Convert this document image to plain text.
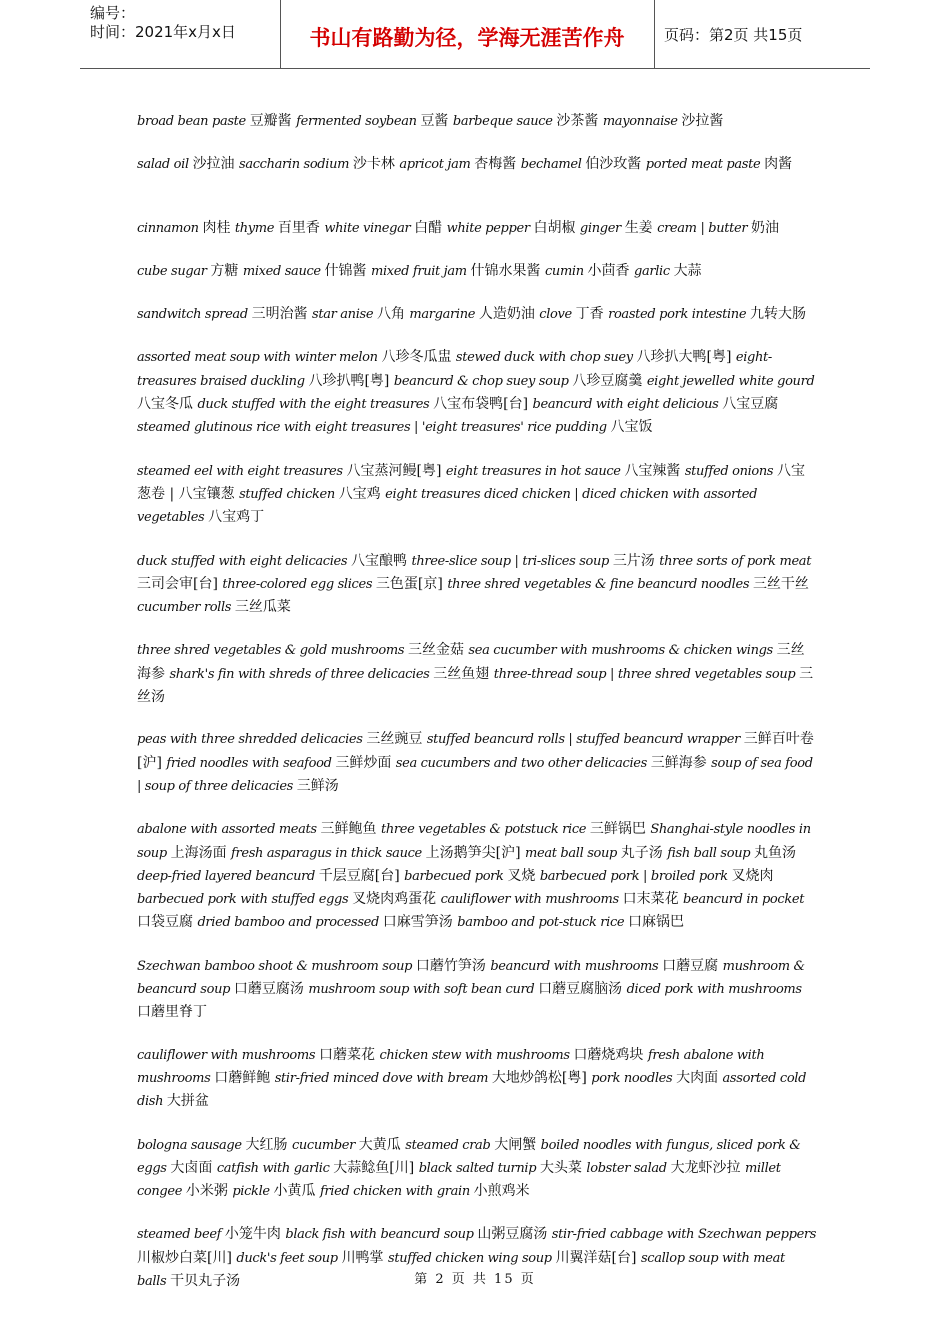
编号：
时间：2021年x月x日	书山有路勤为径，学海无涯苦作舟	页码：第2页 共15页

broad bean paste 豆瓣酱 fermented soybean 豆酱 barbeque sauce 沙茶酱 mayonnaise 沙拉酱

salad oil 沙拉油 saccharin sodium 沙卡林 apricot jam 杏梅酱 bechamel 伯沙玫酱 ported meat paste 肉酱

cinnamon 肉桂 thyme 百里香 white vinegar 白醋 white pepper 白胡椒 ginger 生姜 cream | butter 奶油

cube sugar 方糖 mixed sauce 什锦酱 mixed fruit jam 什锦水果酱 cumin 小茴香 garlic 大蒜

sandwitch spread 三明治酱 star anise 八角 margarine 人造奶油 clove 丁香 roasted pork intestine 九转大肠

assorted meat soup with winter melon 八珍冬瓜盅 stewed duck with chop suey 八珍扒大鸭[粤] eight-treasures braised duckling 八珍扒鸭[粤] beancurd & chop suey soup 八珍豆腐羹 eight jewelled white gourd 八宝冬瓜 duck stuffed with the eight treasures 八宝布袋鸭[台] beancurd with eight delicious 八宝豆腐 steamed glutinous rice with eight treasures | 'eight treasures' rice pudding 八宝饭

steamed eel with eight treasures 八宝蒸河鳗[粤] eight treasures in hot sauce 八宝辣酱 stuffed onions 八宝葱卷 | 八宝镶葱 stuffed chicken 八宝鸡 eight treasures diced chicken | diced chicken with assorted vegetables 八宝鸡丁

duck stuffed with eight delicacies 八宝酿鸭 three-slice soup | tri-slices soup 三片汤 three sorts of pork meat 三司会审[台] three-colored egg slices 三色蛋[京] three shred vegetables & fine beancurd noodles 三丝干丝 cucumber rolls 三丝瓜菜

three shred vegetables & gold mushrooms 三丝金菇 sea cucumber with mushrooms & chicken wings 三丝海参 shark's fin with shreds of three delicacies 三丝鱼翅 three-thread soup | three shred vegetables soup 三丝汤

peas with three shredded delicacies 三丝豌豆 stuffed beancurd rolls | stuffed beancurd wrapper 三鲜百叶卷[沪] fried noodles with seafood 三鲜炒面 sea cucumbers and two other delicacies 三鲜海参 soup of sea food | soup of three delicacies 三鲜汤

abalone with assorted meats 三鲜鲍鱼 three vegetables & potstuck rice 三鲜锅巴 Shanghai-style noodles in soup 上海汤面 fresh asparagus in thick sauce 上汤鹅笋尖[沪] meat ball soup 丸子汤 fish ball soup 丸鱼汤 deep-fried layered beancurd 千层豆腐[台] barbecued pork 叉烧 barbecued pork | broiled pork 叉烧肉 barbecued pork with stuffed eggs 叉烧肉鸡蛋花 cauliflower with mushrooms 口末菜花 beancurd in pocket 口袋豆腐 dried bamboo and processed 口麻雪笋汤 bamboo and pot-stuck rice 口麻锅巴

Szechwan bamboo shoot & mushroom soup 口蘑竹笋汤 beancurd with mushrooms 口蘑豆腐 mushroom & beancurd soup 口蘑豆腐汤 mushroom soup with soft bean curd 口蘑豆腐脑汤 diced pork with mushrooms 口蘑里脊丁

cauliflower with mushrooms 口蘑菜花 chicken stew with mushrooms 口蘑烧鸡块 fresh abalone with mushrooms 口蘑鲜鲍 stir-fried minced dove with bream 大地炒鸽松[粤] pork noodles 大肉面 assorted cold dish 大拼盆

bologna sausage 大红肠 cucumber 大黄瓜 steamed crab 大闸蟹 boiled noodles with fungus, sliced pork & eggs 大卤面 catfish with garlic 大蒜鲶鱼[川] black salted turnip 大头菜 lobster salad 大龙虾沙拉 millet congee 小米粥 pickle 小黄瓜 fried chicken with grain 小煎鸡米

steamed beef 小笼牛肉 black fish with beancurd soup 山粥豆腐汤 stir-fried cabbage with Szechwan peppers 川椒炒白菜[川] duck's feet soup 川鸭掌 stuffed chicken wing soup 川翼洋菇[台] scallop soup with meat balls 干贝丸子汤	第 2 页 共 15 页
